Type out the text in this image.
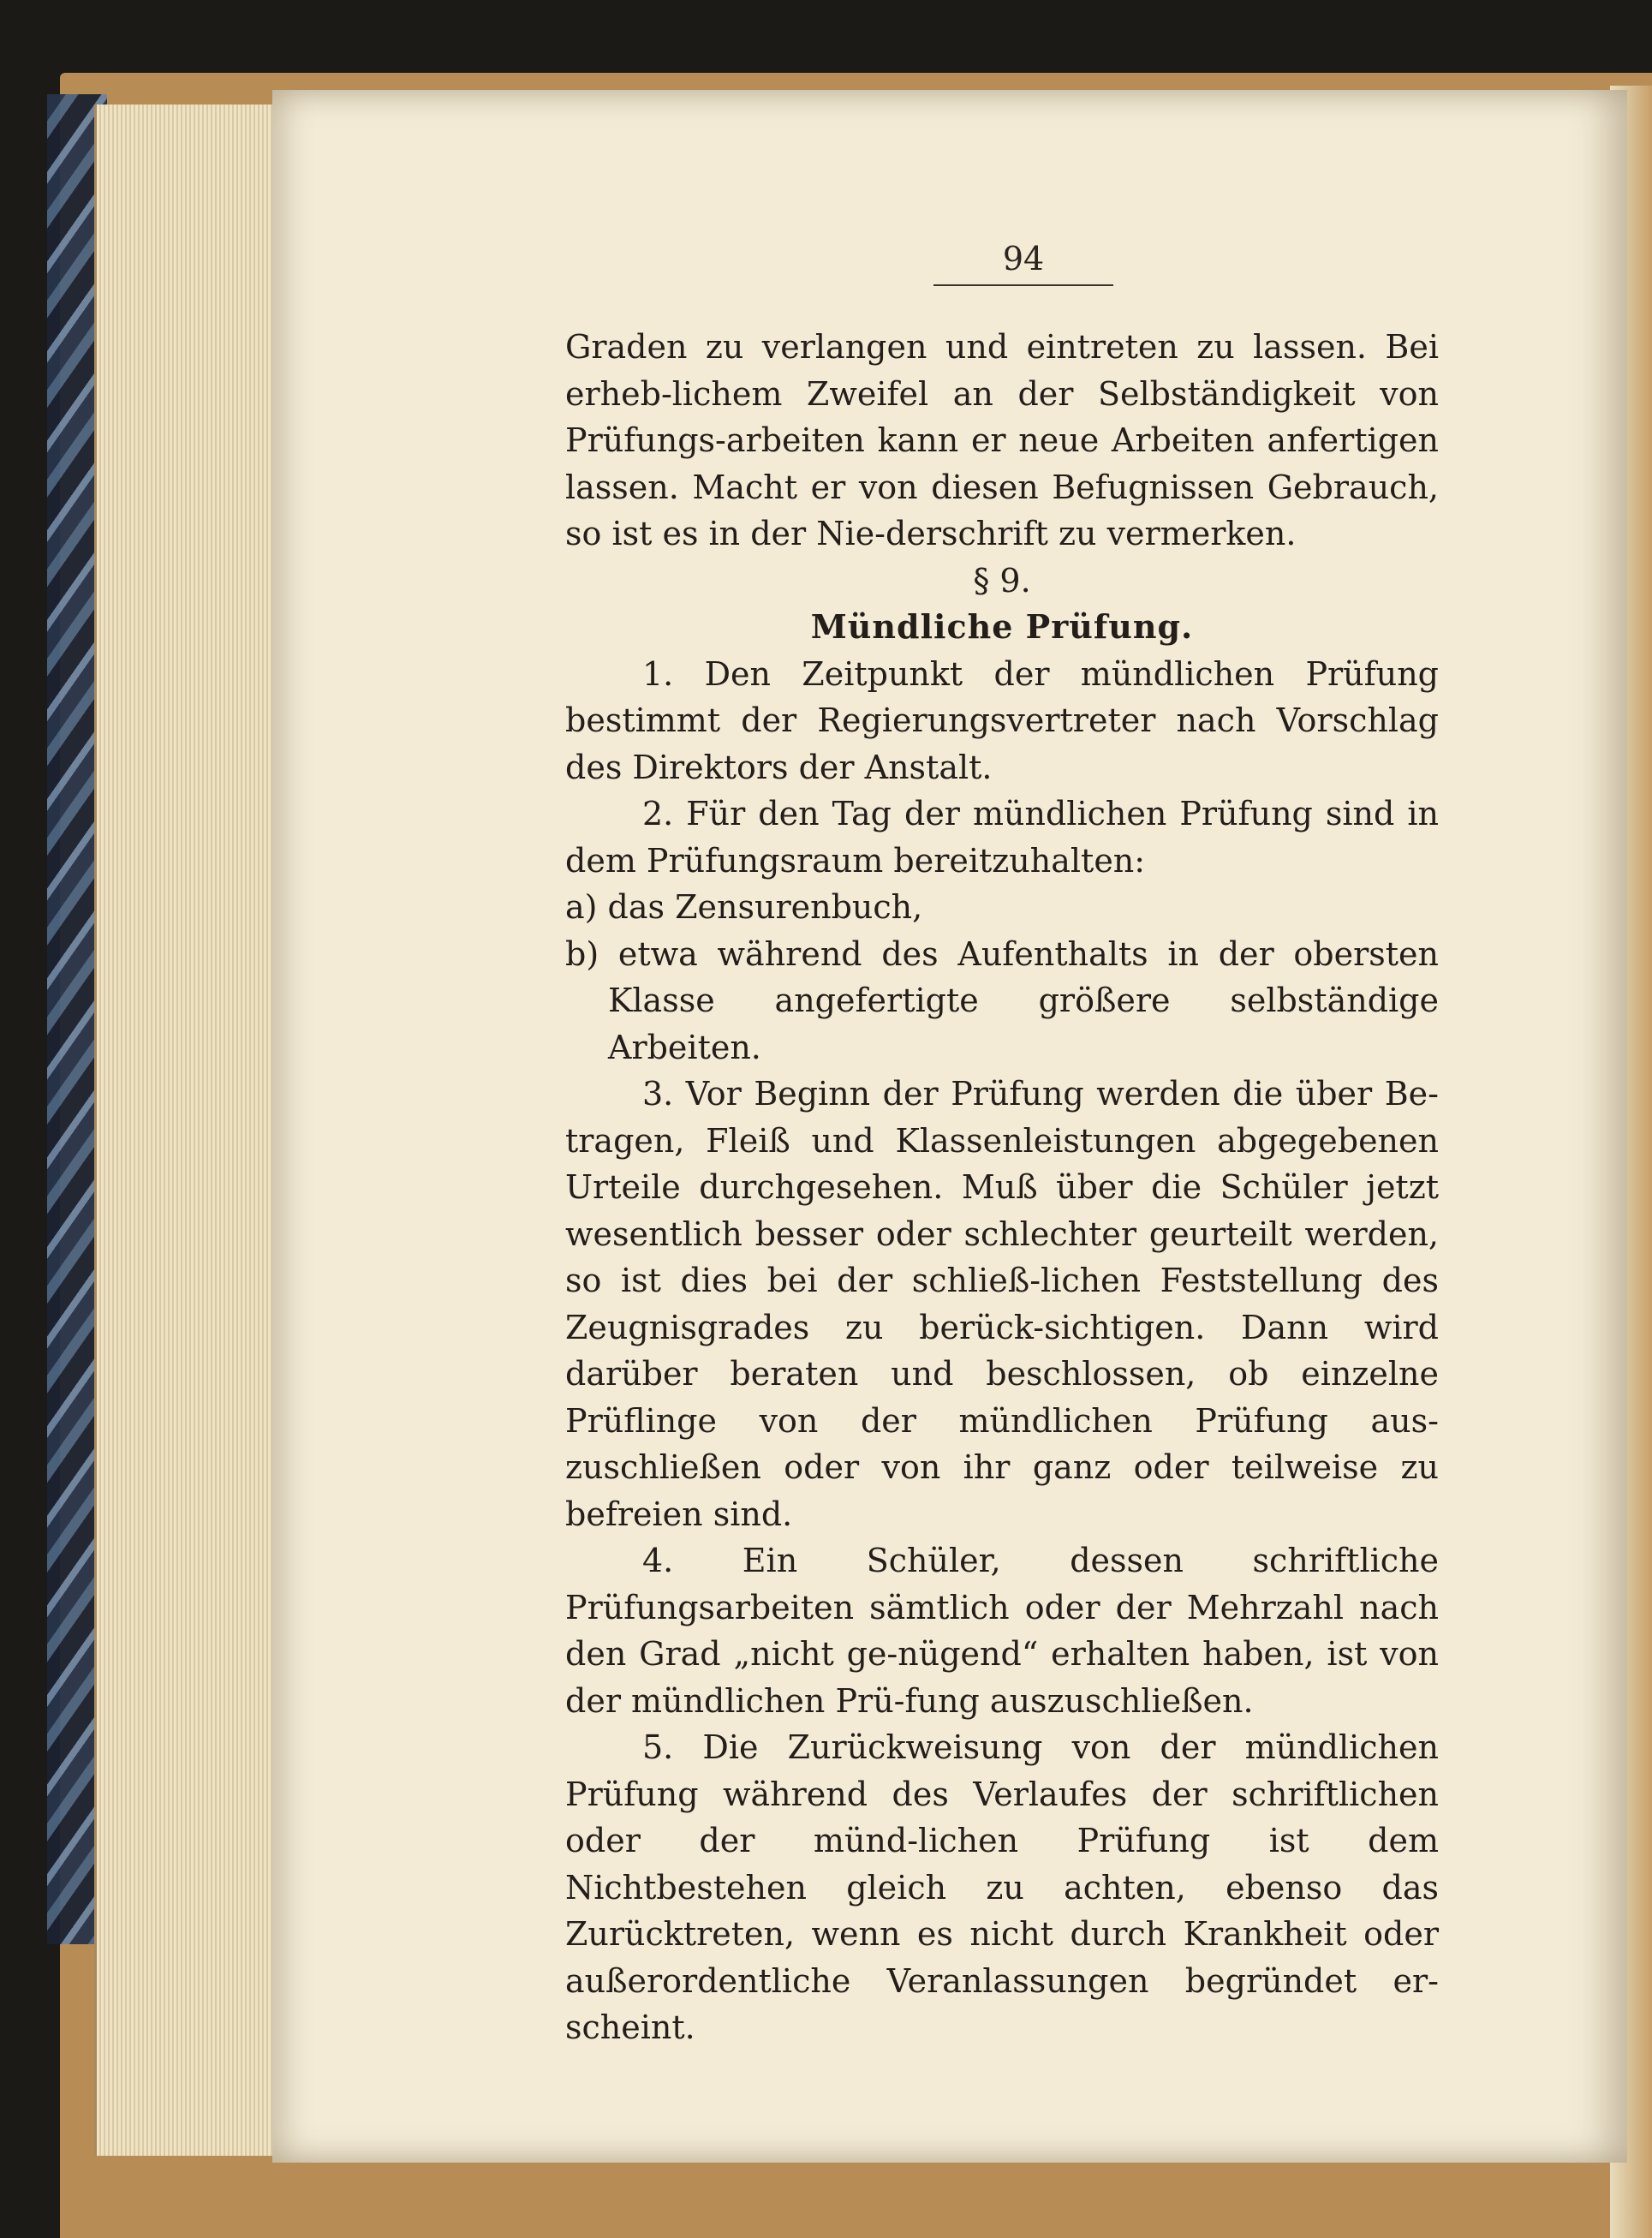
94

Graden zu verlangen und eintreten zu lassen. Bei erheb-lichem Zweifel an der Selbständigkeit von Prüfungs-arbeiten kann er neue Arbeiten anfertigen lassen. Macht er von diesen Befugnissen Gebrauch, so ist es in der Nie-derschrift zu vermerken.

§ 9.

Mündliche Prüfung.

1. Den Zeitpunkt der mündlichen Prüfung bestimmt der Regierungsvertreter nach Vorschlag des Direktors der Anstalt.

2. Für den Tag der mündlichen Prüfung sind in dem Prüfungsraum bereitzuhalten:

a) das Zensurenbuch,

b) etwa während des Aufenthalts in der obersten Klasse angefertigte größere selbständige Arbeiten.

3. Vor Beginn der Prüfung werden die über Be-tragen, Fleiß und Klassenleistungen abgegebenen Urteile durchgesehen. Muß über die Schüler jetzt wesentlich besser oder schlechter geurteilt werden, so ist dies bei der schließ-lichen Feststellung des Zeugnisgrades zu berück-sichtigen. Dann wird darüber beraten und beschlossen, ob einzelne Prüflinge von der mündlichen Prüfung aus-zuschließen oder von ihr ganz oder teilweise zu befreien sind.

4. Ein Schüler, dessen schriftliche Prüfungsarbeiten sämtlich oder der Mehrzahl nach den Grad „nicht ge-nügend“ erhalten haben, ist von der mündlichen Prü-fung auszuschließen.

5. Die Zurückweisung von der mündlichen Prüfung während des Verlaufes der schriftlichen oder der münd-lichen Prüfung ist dem Nichtbestehen gleich zu achten, ebenso das Zurücktreten, wenn es nicht durch Krankheit oder außerordentliche Veranlassungen begründet er-scheint.
